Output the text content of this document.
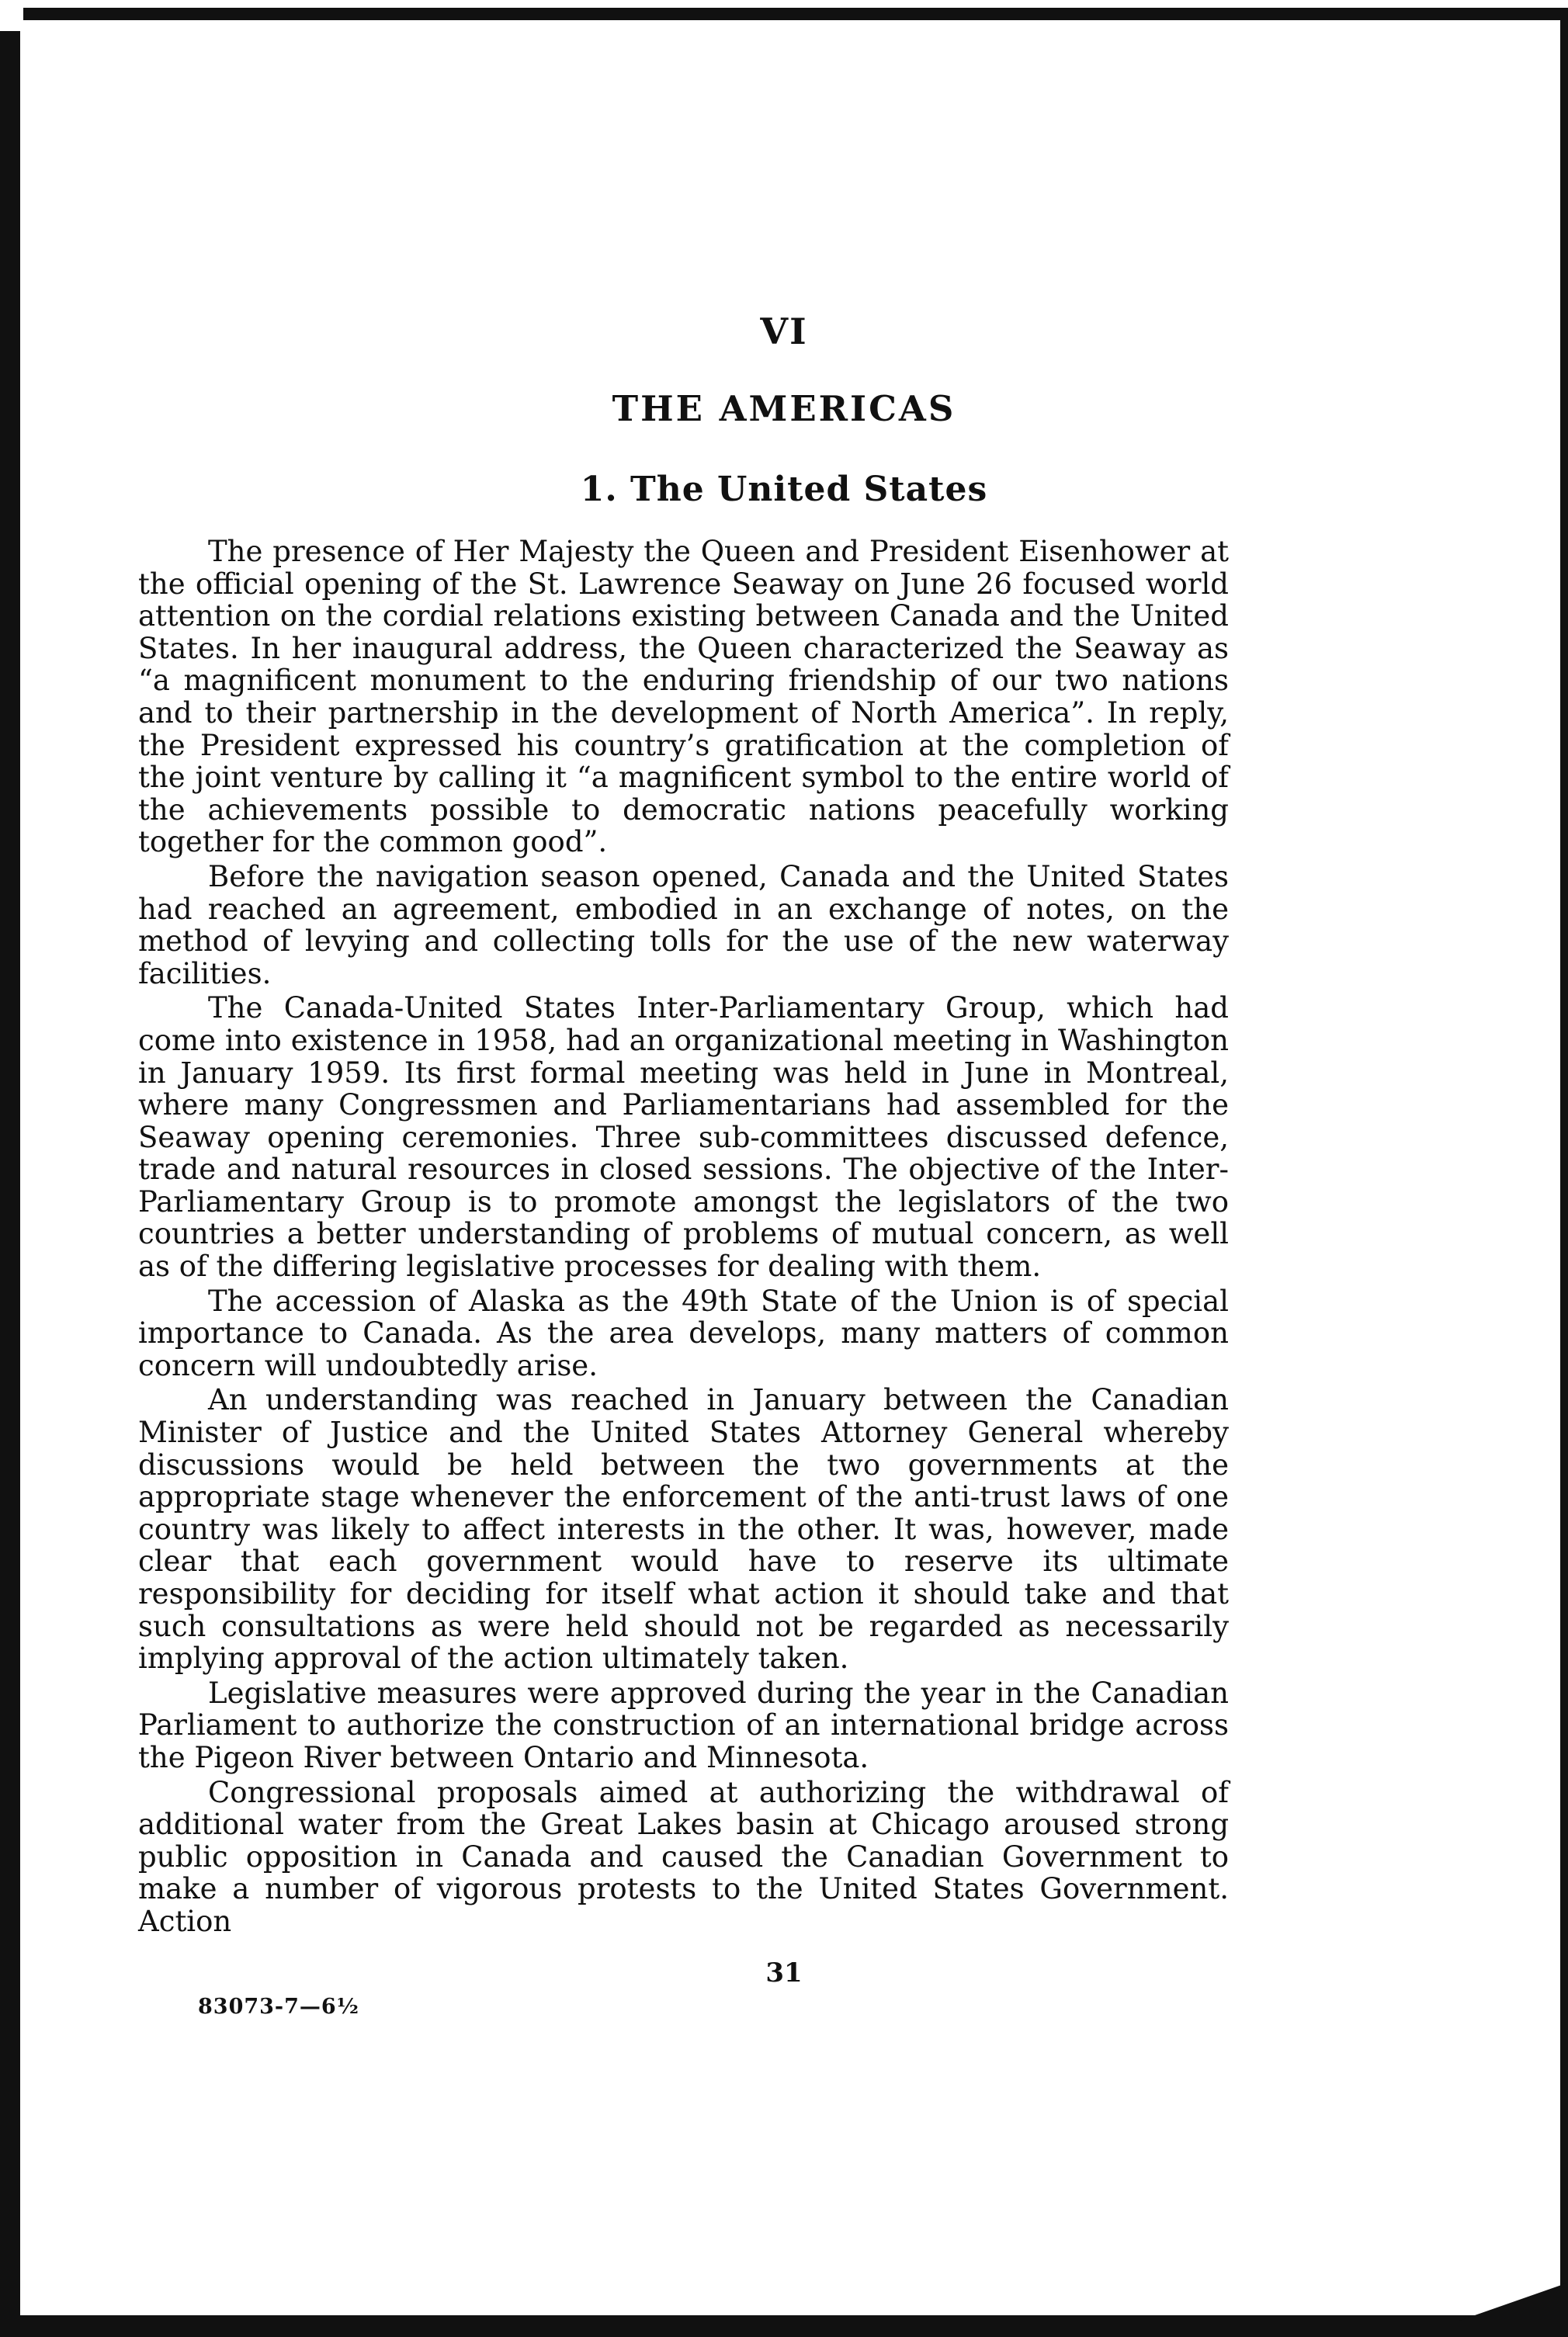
VI
THE AMERICAS
1. The United States

The presence of Her Majesty the Queen and President Eisenhower at the official opening of the St. Lawrence Seaway on June 26 focused world attention on the cordial relations existing between Canada and the United States. In her inaugural address, the Queen characterized the Seaway as “a magnificent monument to the enduring friendship of our two nations and to their partnership in the development of North America”. In reply, the President expressed his country’s gratification at the completion of the joint venture by calling it “a magnificent symbol to the entire world of the achievements possible to democratic nations peacefully working together for the common good”.

Before the navigation season opened, Canada and the United States had reached an agreement, embodied in an exchange of notes, on the method of levying and collecting tolls for the use of the new waterway facilities.

The Canada-United States Inter-Parliamentary Group, which had come into existence in 1958, had an organizational meeting in Washington in January 1959. Its first formal meeting was held in June in Montreal, where many Congressmen and Parliamentarians had assembled for the Seaway opening ceremonies. Three sub-committees discussed defence, trade and natural resources in closed sessions. The objective of the Inter-Parliamentary Group is to promote amongst the legislators of the two countries a better understanding of problems of mutual concern, as well as of the differing legislative processes for dealing with them.

The accession of Alaska as the 49th State of the Union is of special importance to Canada. As the area develops, many matters of common concern will undoubtedly arise.

An understanding was reached in January between the Canadian Minister of Justice and the United States Attorney General whereby discussions would be held between the two governments at the appropriate stage whenever the enforcement of the anti-trust laws of one country was likely to affect interests in the other. It was, however, made clear that each government would have to reserve its ultimate responsibility for deciding for itself what action it should take and that such consultations as were held should not be regarded as necessarily implying approval of the action ultimately taken.

Legislative measures were approved during the year in the Canadian Parliament to authorize the construction of an international bridge across the Pigeon River between Ontario and Minnesota.

Congressional proposals aimed at authorizing the withdrawal of additional water from the Great Lakes basin at Chicago aroused strong public opposition in Canada and caused the Canadian Government to make a number of vigorous protests to the United States Government. Action

31
83073-7—6½
